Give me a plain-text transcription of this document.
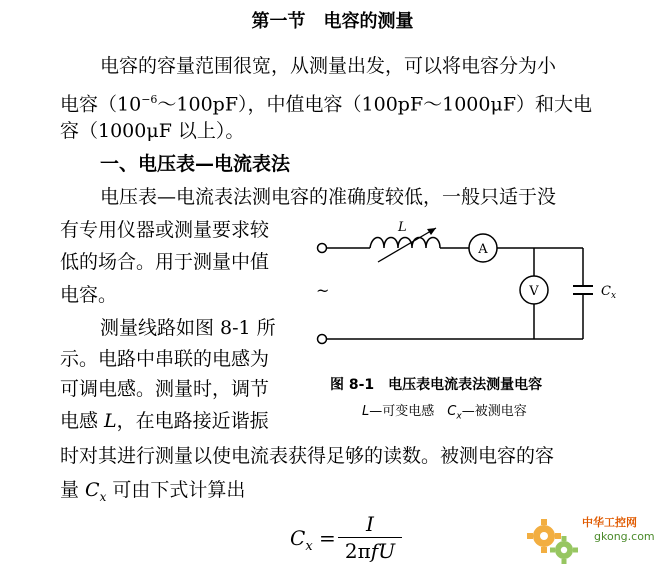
第一节　电容的测量
电容的容量范围很宽，从测量出发，可以将电容分为小
电容$(10^{-6}\sim 100pF)$，中值电容（100pF～1000μF）和大电
容（1000μF 以上）。
一、电压表—电流表法
电压表—电流表法测电容的准确度较低，一般只适于没
有专用仪器或测量要求较
低的场合。用于测量中值
电容。
测量线路如图 8-1 所
示。电路中串联的电感为
可调电感。测量时，调节
电感 L，在电路接近谐振
时对其进行测量以使电流表获得足够的读数。被测电容的容
量 $C_x$ 可由下式计算出
~
L
A
V	$C_x$
图 8-1　 电压表电流表法测量电容
L—可变电感　 $C_x—$被测电容
$C_x$ =
I
2πfU
中华工控网
gkong.com
